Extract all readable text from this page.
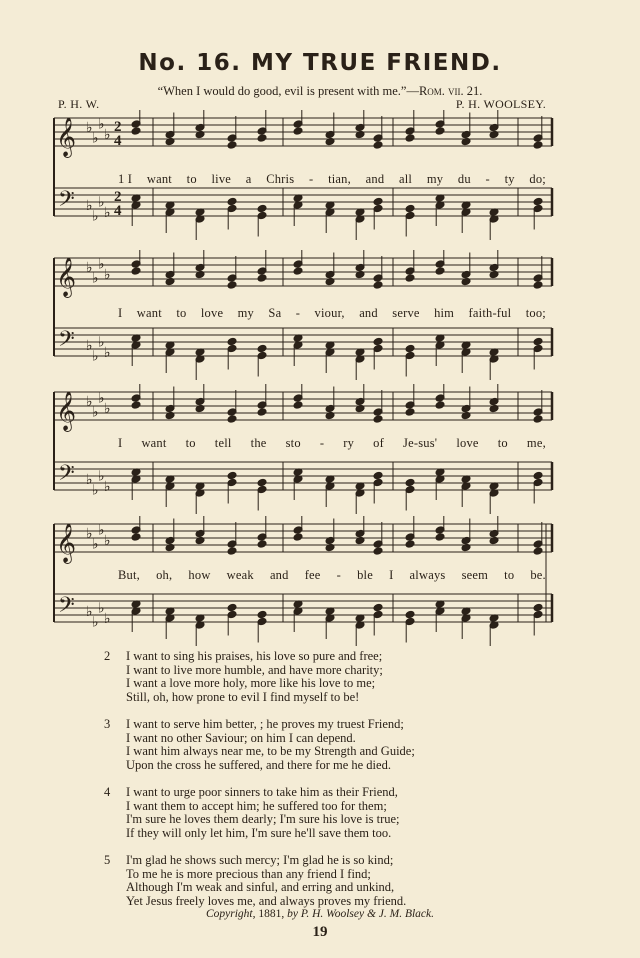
No. 16. MY TRUE FRIEND.
“When I would do good, evil is present with me.”—Rom. vii. 21.
P. H. W.	P. H. WOOLSEY.
𝄞
𝄢
♭
♭
♭
♭
♭
♭
♭
♭
2
4
2
4
1 I want to live a Chris - tian, and all my du - ty do;
𝄞
𝄢
♭
♭
♭
♭
♭
♭
♭
♭
I want to love my Sa - viour, and serve him faith-ful too;
𝄞
𝄢
♭
♭
♭
♭
♭
♭
♭
♭
I want to tell the sto - ry of Je-sus' love to me,
𝄞
𝄢
♭
♭
♭
♭
♭
♭
♭
♭
But, oh, how weak and fee - ble I always seem to be.
2 I want to sing his praises, his love so pure and free;
I want to live more humble, and have more charity;
I want a love more holy, more like his love to me;
Still, oh, how prone to evil I find myself to be!
3 I want to serve him better, ; he proves my truest Friend;
I want no other Saviour; on him I can depend.
I want him always near me, to be my Strength and Guide;
Upon the cross he suffered, and there for me he died.
4 I want to urge poor sinners to take him as their Friend,
I want them to accept him; he suffered too for them;
I'm sure he loves them dearly; I'm sure his love is true;
If they will only let him, I'm sure he'll save them too.
5 I'm glad he shows such mercy; I'm glad he is so kind;
To me he is more precious than any friend I find;
Although I'm weak and sinful, and erring and unkind,
Yet Jesus freely loves me, and always proves my friend.
Copyright, 1881, by P. H. Woolsey & J. M. Black.
19
